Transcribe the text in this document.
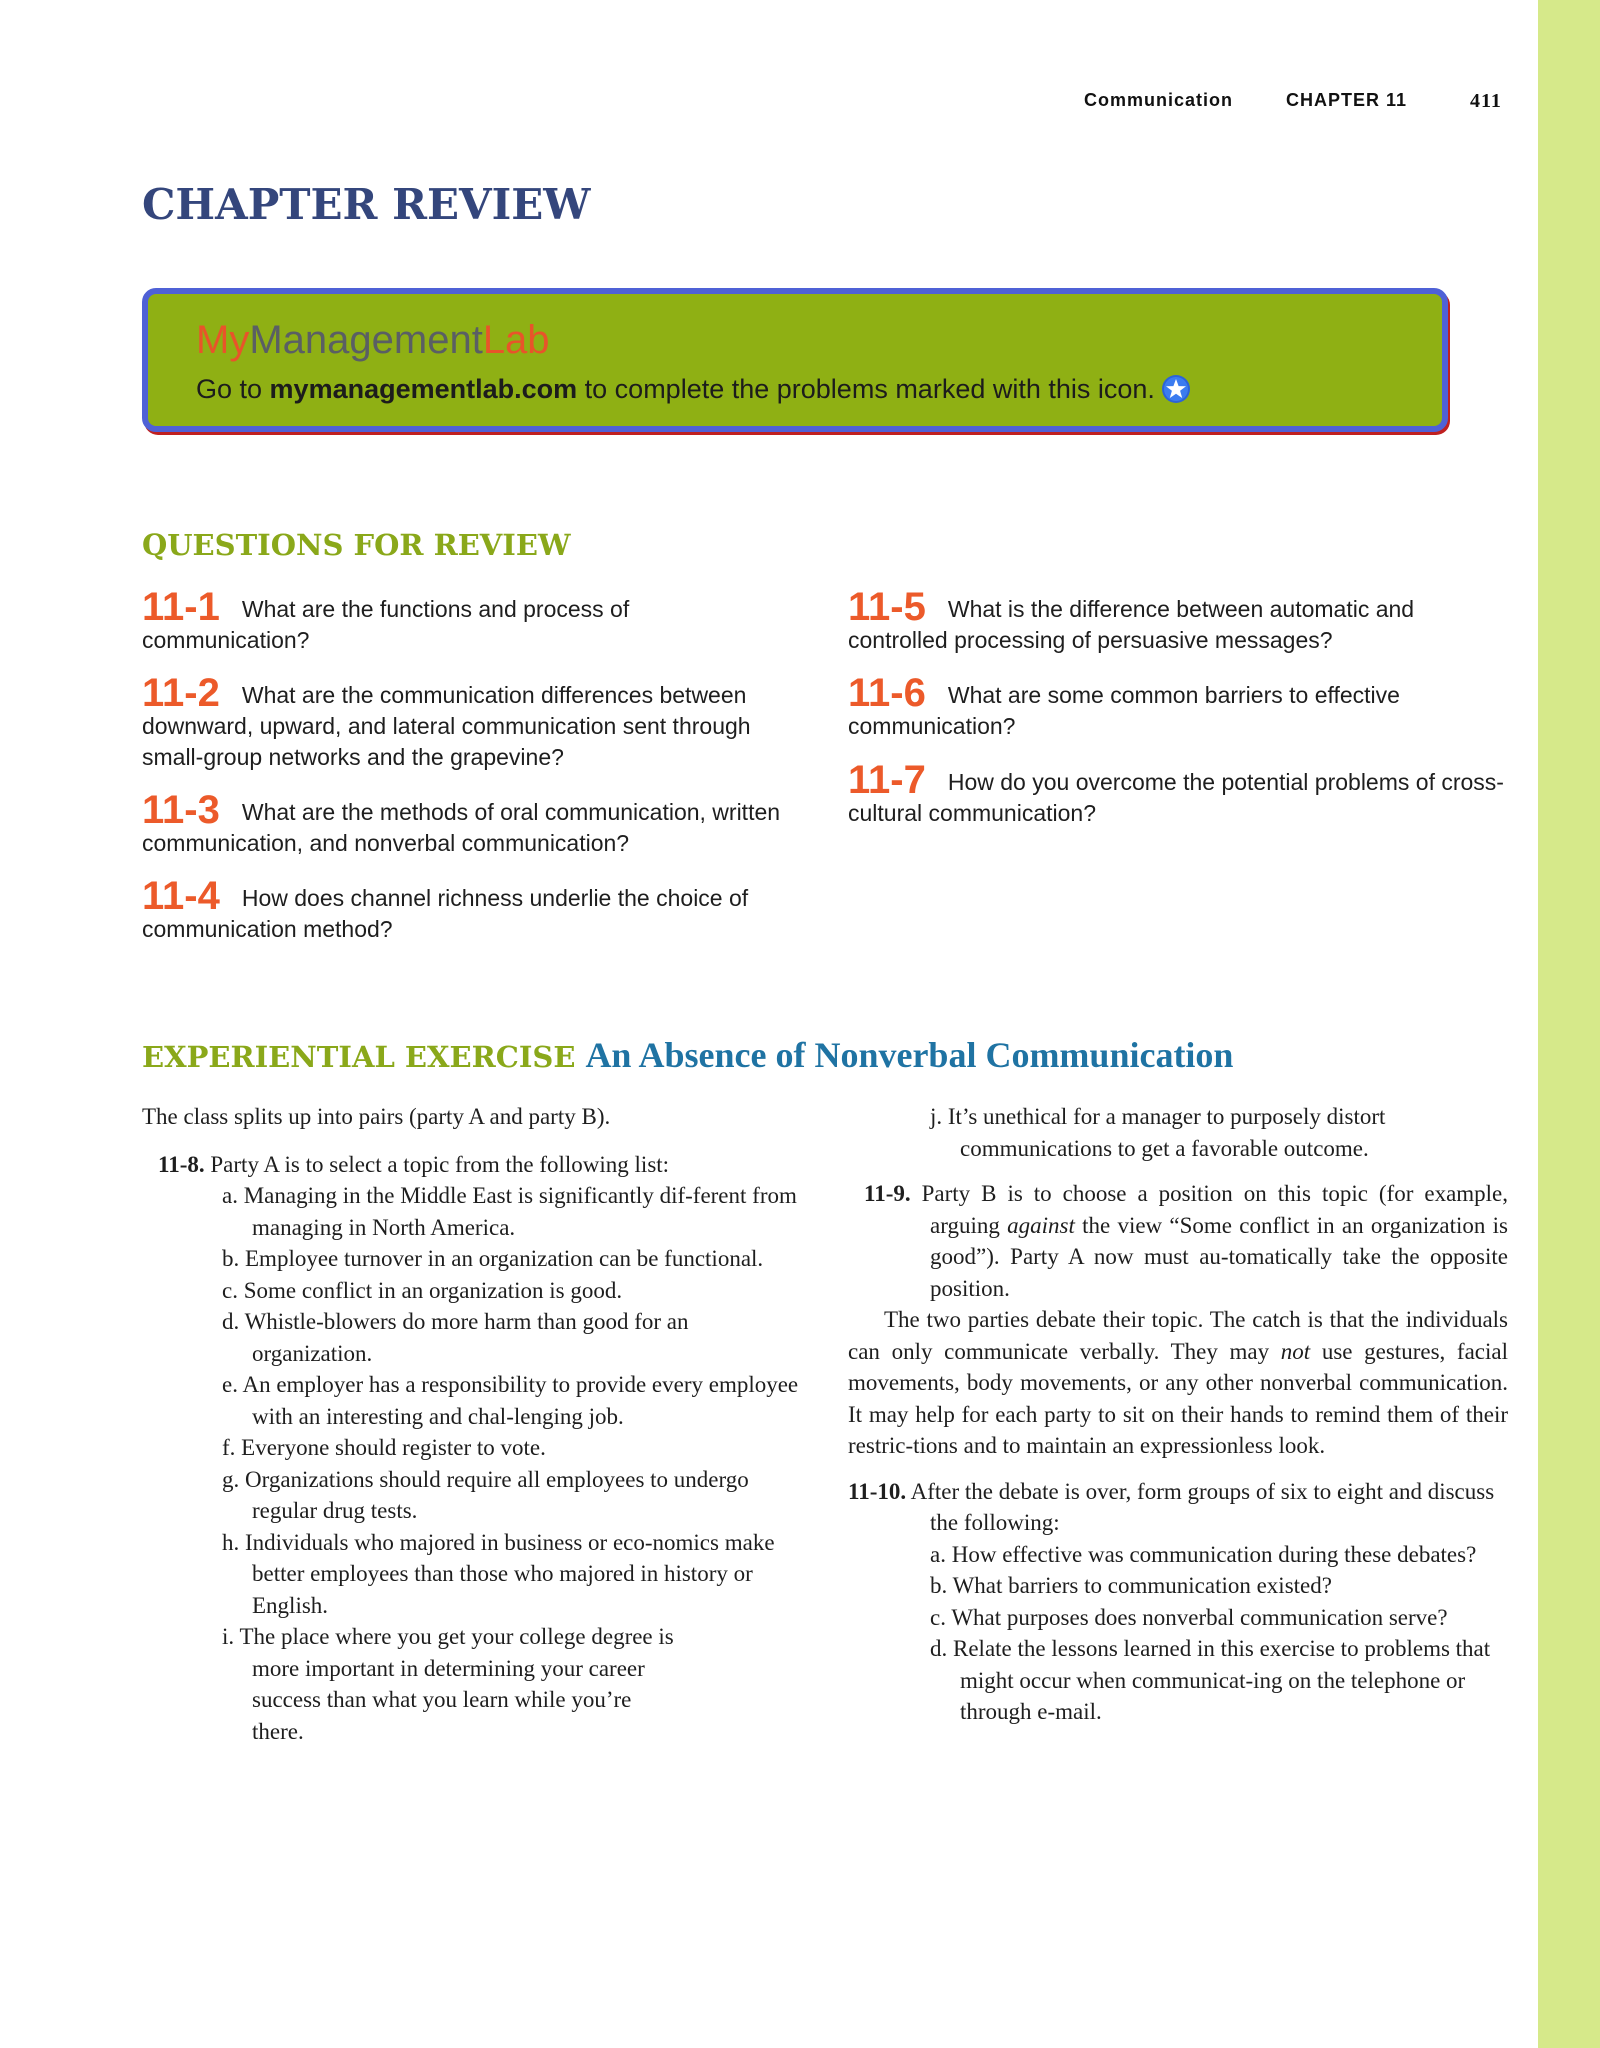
Communication	CHAPTER 11	411
CHAPTER REVIEW
MyManagementLab
Go to mymanagementlab.com to complete the problems marked with this icon.
QUESTIONS FOR REVIEW
11-1 What are the functions and process of communication?
11-2 What are the communication differences between downward, upward, and lateral communication sent through small-group networks and the grapevine?
11-3 What are the methods of oral communication, written communication, and nonverbal communication?
11-4 How does channel richness underlie the choice of communication method?
11-5 What is the difference between automatic and controlled processing of persuasive messages?
11-6 What are some common barriers to effective communication?
11-7 How do you overcome the potential problems of cross-cultural communication?
EXPERIENTIAL EXERCISE An Absence of Nonverbal Communication

The class splits up into pairs (party A and party B).

11-8. Party A is to select a topic from the following list:

a. Managing in the Middle East is significantly dif-ferent from managing in North America.

b. Employee turnover in an organization can be functional.

c. Some conflict in an organization is good.

d. Whistle-blowers do more harm than good for an organization.

e. An employer has a responsibility to provide every employee with an interesting and chal-lenging job.

f. Everyone should register to vote.

g. Organizations should require all employees to undergo regular drug tests.

h. Individuals who majored in business or eco-nomics make better employees than those who majored in history or English.

i. The place where you get your college degree is more important in determining your career success than what you learn while you’re there.

j. It’s unethical for a manager to purposely distort communications to get a favorable outcome.

11-9. Party B is to choose a position on this topic (for example, arguing against the view “Some conflict in an organization is good”). Party A now must au-tomatically take the opposite position.

The two parties debate their topic. The catch is that the individuals can only communicate verbally. They may not use gestures, facial movements, body movements, or any other nonverbal communication. It may help for each party to sit on their hands to remind them of their restric-tions and to maintain an expressionless look.

11-10. After the debate is over, form groups of six to eight and discuss the following:

a. How effective was communication during these debates?

b. What barriers to communication existed?

c. What purposes does nonverbal communication serve?

d. Relate the lessons learned in this exercise to problems that might occur when communicat-ing on the telephone or through e-mail.
